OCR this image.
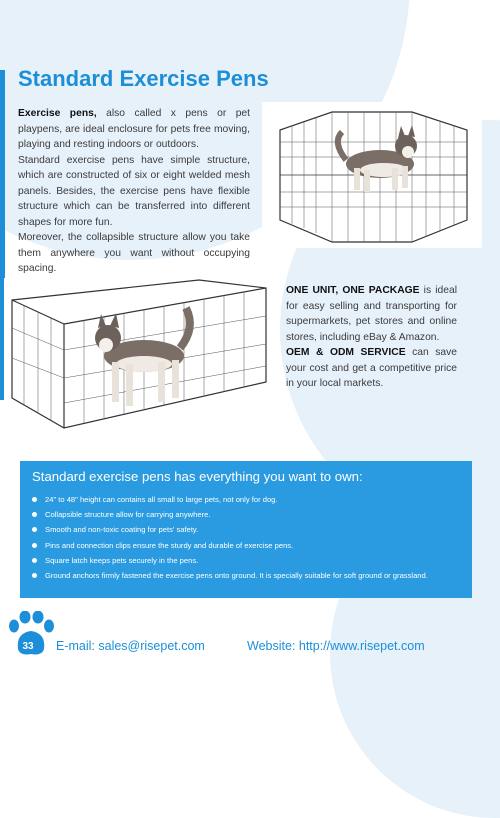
Standard Exercise Pens

Exercise pens, also called x pens or pet playpens, are ideal enclosure for pets free moving, playing and resting indoors or outdoors.

Standard exercise pens have simple structure, which are constructed of six or eight welded mesh panels. Besides, the exercise pens have flexible structure which can be transferred into different shapes for more fun.

Moreover, the collapsible structure allow you take them anywhere you want without occupying spacing.

ONE UNIT, ONE PACKAGE is ideal for easy selling and transporting for supermarkets, pet stores and online stores, including eBay & Amazon.

OEM & ODM SERVICE can save your cost and get a competitive price in your local markets.

Standard exercise pens has everything you want to own:
24" to 48" height can contains all small to large pets, not only for dog.
Collapsible structure allow for carrying anywhere.
Smooth and non-toxic coating for pets' safety.
Pins and connection clips ensure the sturdy and durable of exercise pens.
Square latch keeps pets securely in the pens.
Ground anchors firmly fastened the exercise pens onto ground. It is specially suitable for soft ground or grassland.
33	E-mail: sales@risepet.com	Website: http://www.risepet.com
